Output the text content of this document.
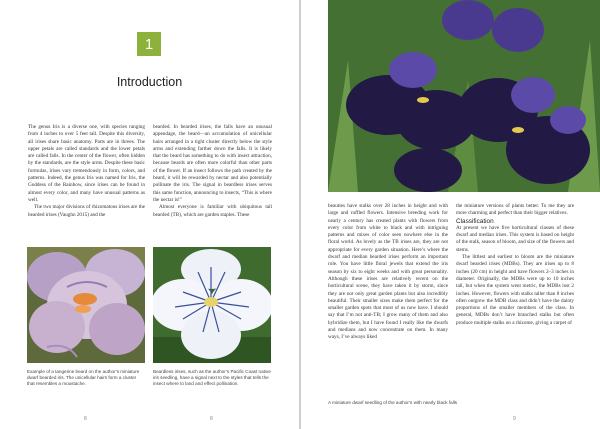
1
Introduction

The genus Iris is a diverse one, with species ranging from 4 inches to over 5 feet tall. Despite this diversity, all irises share basic anatomy. Parts are in threes. The upper petals are called standards and the lower petals are called falls. In the center of the flower, often hidden by the standards, are the style arms. Despite these basic formulas, irises vary tremendously in form, colors, and patterns. Indeed, the genus Iris was named for Iris, the Goddess of the Rainbow, since irises can be found in almost every color, and many have unusual patterns as well.

The two major divisions of rhizomatous irises are the bearded irises (Vaughn 2015) and the

bearded. In bearded irises, the falls have an unusual appendage, the beard—an accumulation of unicellular hairs arranged in a tight cluster directly below the style arms and extending farther down the falls. It is likely that the beard has something to do with insect attraction, because beards are often more colorful than other parts of the flower. If an insect follows the path created by the beard, it will be rewarded by nectar and also potentially pollinate the iris. The signal in beardless irises serves this same function, announcing to insects, “This is where the nectar is!”

Almost everyone is familiar with ubiquitous tall bearded (TB), which are garden staples. These

Example of a tangerine beard on the author’s miniature dwarf bearded iris. The unicellular hairs form a cluster that resembles a moustache.
Beardless irises, such as the author’s Pacific Coast native iris seedling, have a signal next to the styles that tells the insect where to land and effect pollination.
8	8

beauties have stalks over 28 inches in height and with large and ruffled flowers. Intensive breeding work for nearly a century has created plants with flowers from every color from white to black and with intriguing patterns and mixes of color seen nowhere else in the floral world. As lovely as the TB irises are, they are not appropriate for every garden situation. Here’s where the dwarf and median bearded irises perform an important role. You have little floral jewels that extend the iris season by six to eight weeks and with great personality. Although these irises are relatively recent on the horticultural scene, they have taken it by storm, since they are not only great garden plants but also incredibly beautiful. Their smaller sizes make them perfect for the smaller garden spots that most of us now have. I should say that I’m not anti-TB; I grow many of them and also hybridize them, but I have found I really like the dwarfs and medians and now concentrate on them. In many ways, I’ve always liked

the miniature versions of plants better. To me they are more charming and perfect than their bigger relatives.

Classification

At present we have five horticultural classes of these dwarf and median irises. This system is based on height of the stalk, season of bloom, and size of the flowers and stems.

The littlest and earliest to bloom are the miniature dwarf bearded irises (MDBs). They are irises up to 8 inches (20 cm) in height and have flowers 2–3 inches in diameter. Originally, the MDBs were up to 10 inches tall, but when the system went metric, the MDBs lost 2 inches. However, flowers with stalks taller than 8 inches often outgrew the MDB class and didn’t have the dainty proportions of the smaller members of the class. In general, MDBs don’t have branched stalks but often produce multiple stalks on a rhizome, giving a carpet of

A miniature dwarf seedling of the author’s with nearly black falls
9
